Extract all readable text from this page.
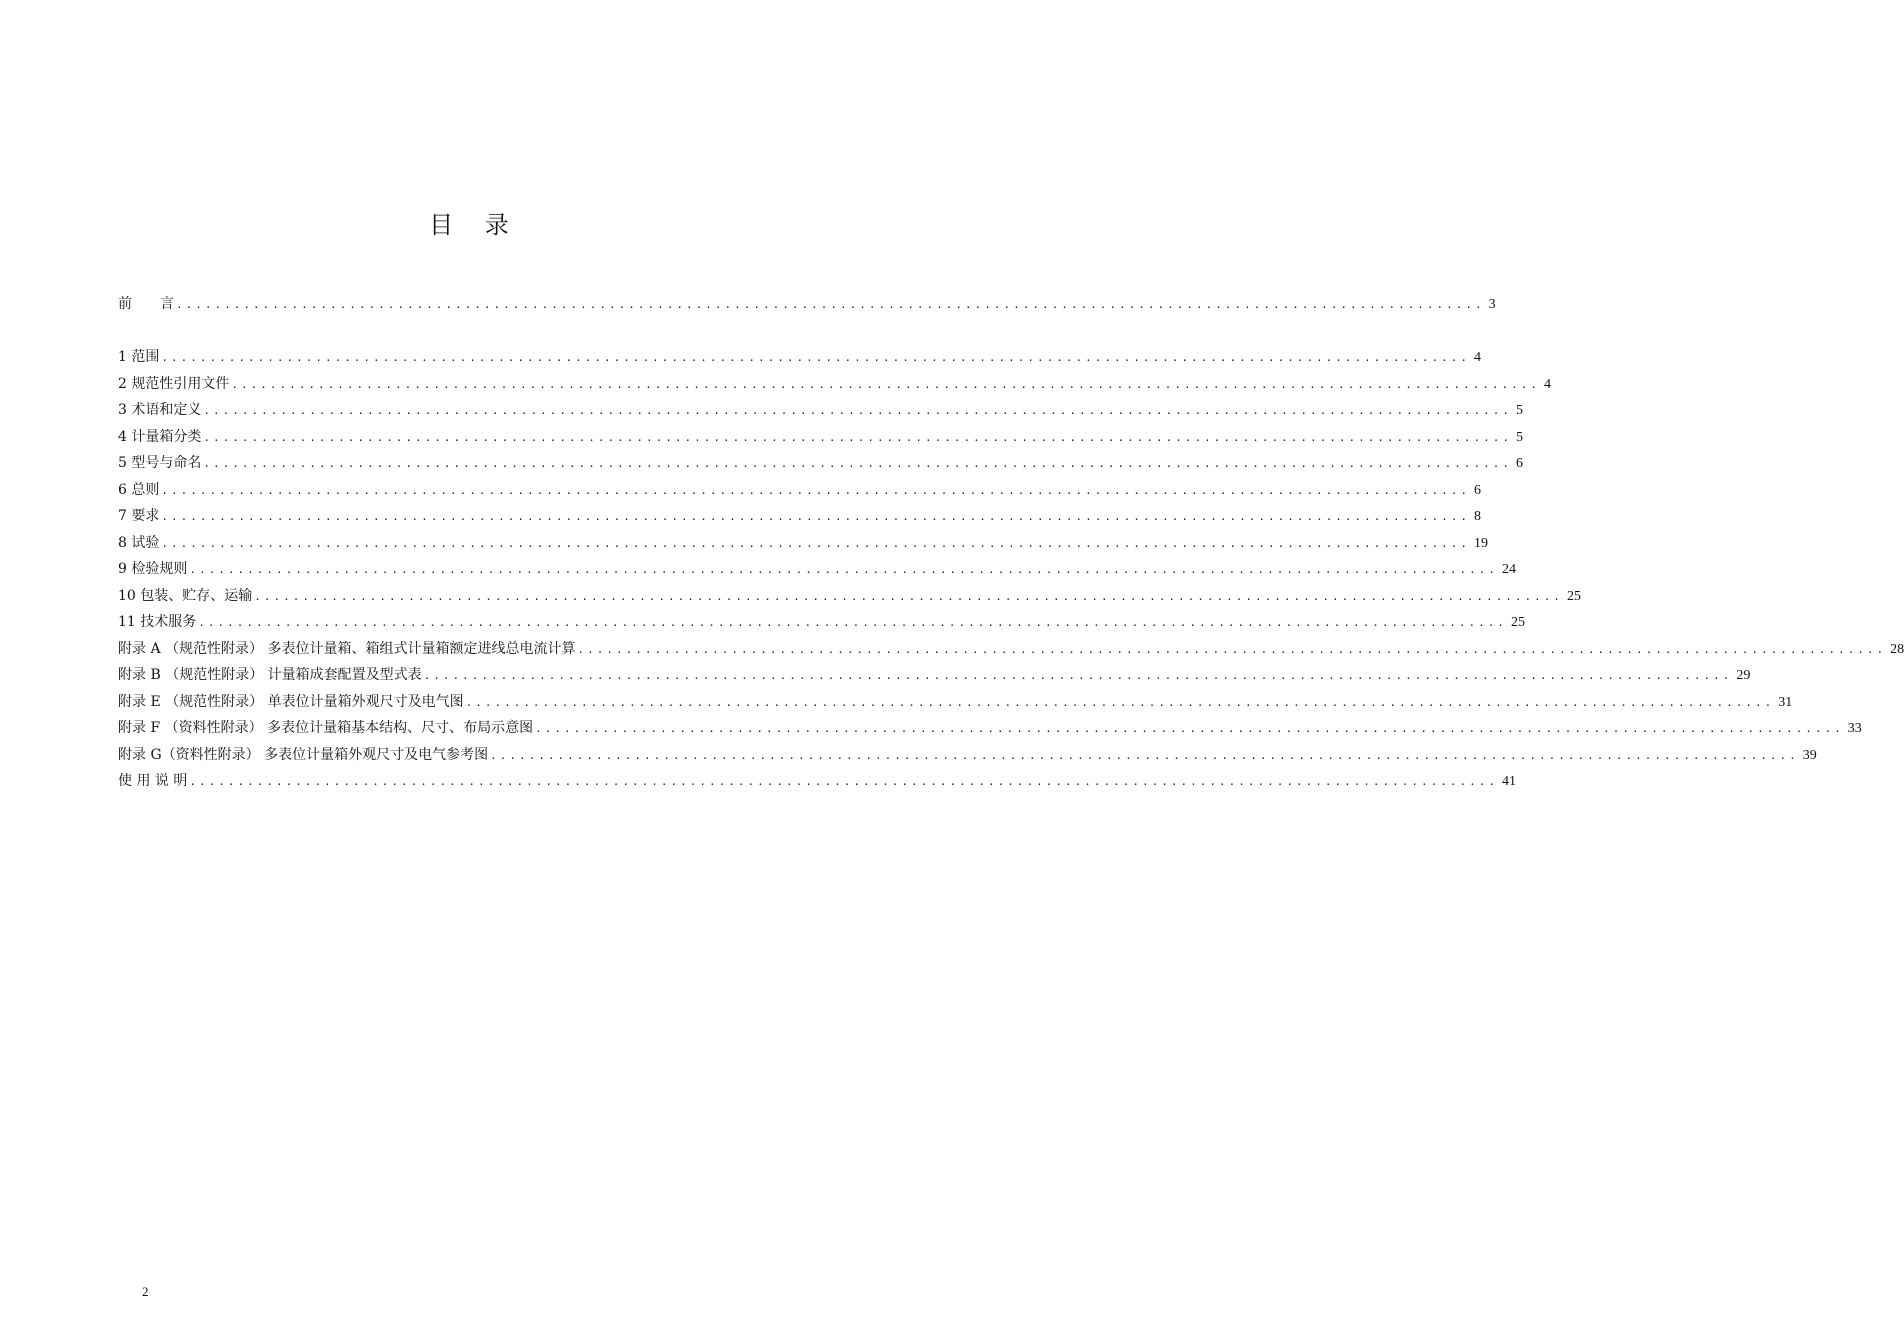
目 录
前　　言 ........................................................................................................................................ 3
1 范围 ........................................................................................................................................ 4
2 规范性引用文件 ........................................................................................................................................ 4
3 术语和定义 ........................................................................................................................................ 5
4 计量箱分类 ........................................................................................................................................ 5
5 型号与命名 ........................................................................................................................................ 6
6 总则 ........................................................................................................................................ 6
7 要求 ........................................................................................................................................ 8
8 试验 ........................................................................................................................................ 19
9 检验规则 ........................................................................................................................................ 24
10 包装、贮存、运输 ........................................................................................................................................ 25
11 技术服务 ........................................................................................................................................ 25
附录 A （规范性附录） 多表位计量箱、箱组式计量箱额定进线总电流计算 ........................................................................................................................................ 28
附录 B （规范性附录） 计量箱成套配置及型式表 ........................................................................................................................................ 29
附录 E （规范性附录） 单表位计量箱外观尺寸及电气图 ........................................................................................................................................ 31
附录 F （资料性附录） 多表位计量箱基本结构、尺寸、布局示意图 ........................................................................................................................................ 33
附录 G（资料性附录） 多表位计量箱外观尺寸及电气参考图 ........................................................................................................................................ 39
使 用 说 明 ........................................................................................................................................ 41
2
